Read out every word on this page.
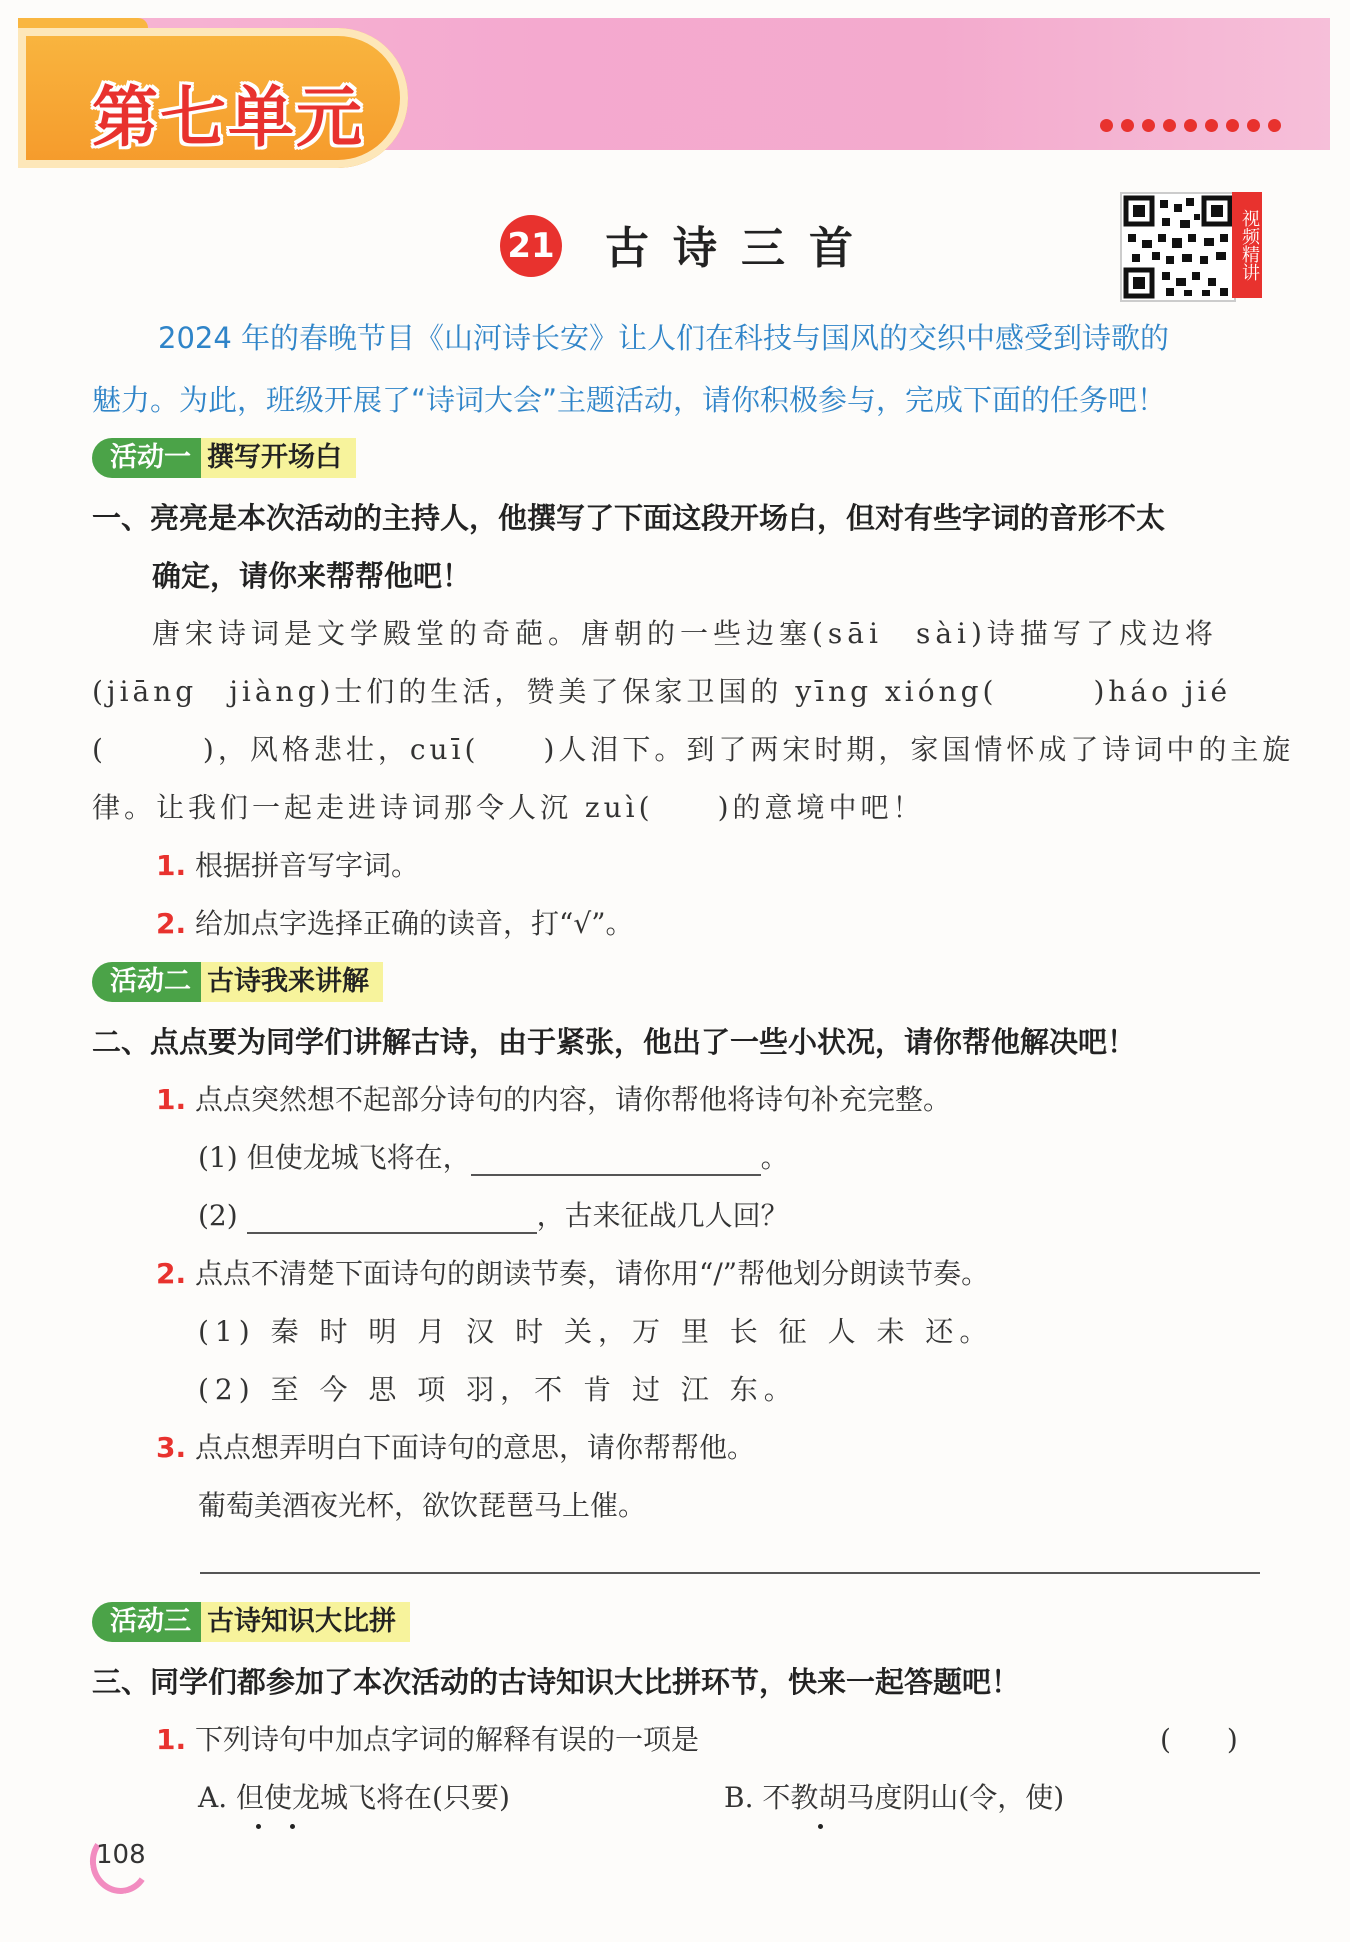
第七单元
21 古诗三首	视频精讲
2024 年的春晚节目《山河诗长安》让人们在科技与国风的交织中感受到诗歌的
魅力。为此，班级开展了“诗词大会”主题活动，请你积极参与，完成下面的任务吧！
活动一 撰写开场白
一、亮亮是本次活动的主持人，他撰写了下面这段开场白，但对有些字词的音形不太
确定，请你来帮帮他吧！
唐宋诗词是文学殿堂的奇葩。唐朝的一些边塞(sāi　sài)诗描写了戍边将
(jiāng　jiàng)士们的生活，赞美了保家卫国的 yīng xióng(　　　)háo jié
(　　　)，风格悲壮，cuī(　　)人泪下。到了两宋时期，家国情怀成了诗词中的主旋
律。让我们一起走进诗词那令人沉 zuì(　　)的意境中吧！
1. 根据拼音写字词。
2. 给加点字选择正确的读音，打“√”。
活动二 古诗我来讲解
二、点点要为同学们讲解古诗，由于紧张，他出了一些小状况，请你帮他解决吧！
1. 点点突然想不起部分诗句的内容，请你帮他将诗句补充完整。
(1) 但使龙城飞将在，	。
(2)	，古来征战几人回？
2. 点点不清楚下面诗句的朗读节奏，请你用“/”帮他划分朗读节奏。
(1) 秦 时 明 月 汉 时 关，万 里 长 征 人 未 还。
(2) 至 今 思 项 羽，不 肯 过 江 东。
3. 点点想弄明白下面诗句的意思，请你帮帮他。
葡萄美酒夜光杯，欲饮琵琶马上催。
活动三 古诗知识大比拼
三、同学们都参加了本次活动的古诗知识大比拼环节，快来一起答题吧！
1. 下列诗句中加点字词的解释有误的一项是	(　　)
A. 但使龙城飞将在(只要)	B. 不教胡马度阴山(令，使)
108
